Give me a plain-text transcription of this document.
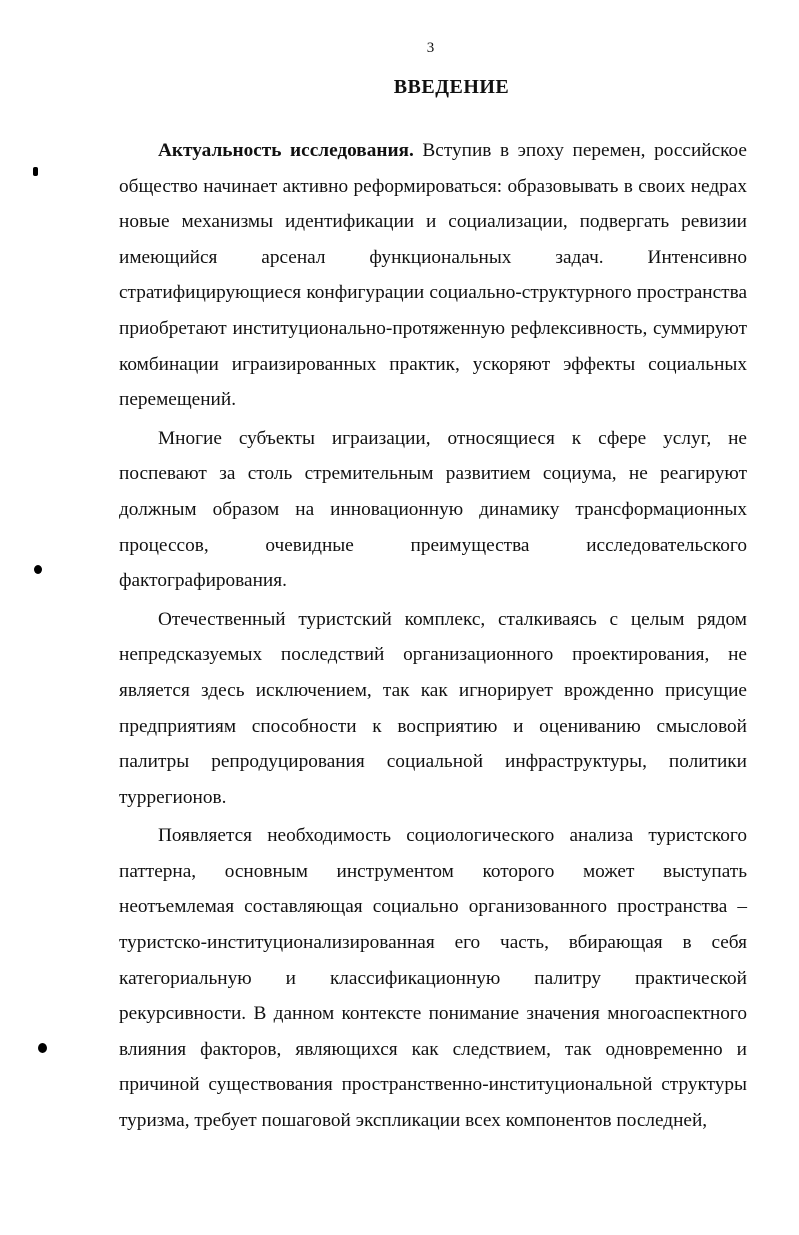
3
ВВЕДЕНИЕ

Актуальность исследования. Вступив в эпоху перемен, российское общество начинает активно реформироваться: образовывать в своих недрах новые механизмы идентификации и социализации, подвергать ревизии имеющийся арсенал функциональных задач. Интенсивно стратифицирующиеся конфигурации социально-структурного пространства приобретают институционально-протяженную рефлексивность, суммируют комбинации играизированных практик, ускоряют эффекты социальных перемещений.

Многие субъекты играизации, относящиеся к сфере услуг, не поспевают за столь стремительным развитием социума, не реагируют должным образом на инновационную динамику трансформационных процессов, очевидные преимущества исследовательского фактографирования.

Отечественный туристский комплекс, сталкиваясь с целым рядом непредсказуемых последствий организационного проектирования, не является здесь исключением, так как игнорирует врожденно присущие предприятиям способности к восприятию и оцениванию смысловой палитры репродуцирования социальной инфраструктуры, политики туррегионов.

Появляется необходимость социологического анализа туристского паттерна, основным инструментом которого может выступать неотъемлемая составляющая социально организованного пространства – туристско-институционализированная его часть, вбирающая в себя категориальную и классификационную палитру практической рекурсивности. В данном контексте понимание значения многоаспектного влияния факторов, являющихся как следствием, так одновременно и причиной существования пространственно-институциональной структуры туризма, требует пошаговой экспликации всех компонентов последней,
